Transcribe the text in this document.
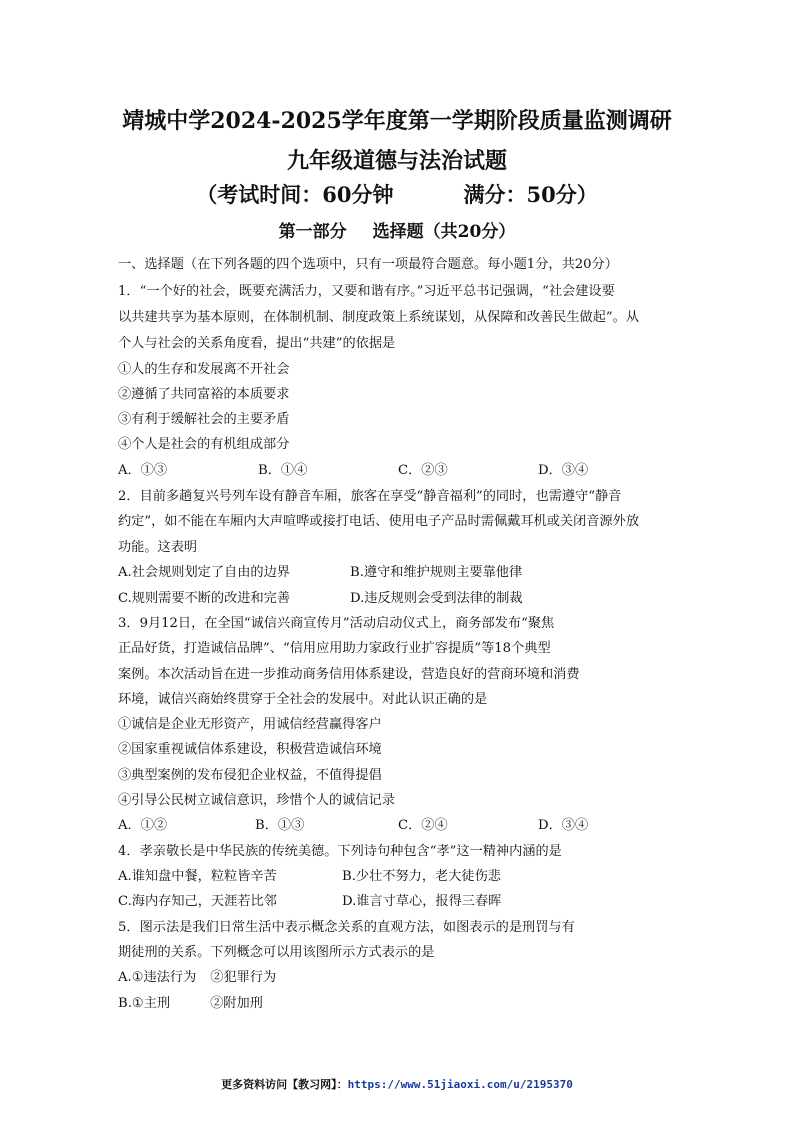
靖城中学2024-2025学年度第一学期阶段质量监测调研
九年级道德与法治试题
（考试时间：60分钟	满分：50分）
第一部分 选择题（共20分）
一、选择题（在下列各题的四个选项中，只有一项最符合题意。每小题1分，共20分）
1．“一个好的社会，既要充满活力，又要和谐有序。”习近平总书记强调，“社会建设要
以共建共享为基本原则，在体制机制、制度政策上系统谋划，从保障和改善民生做起”。从
个人与社会的关系角度看，提出“共建”的依据是
①人的生存和发展离不开社会
②遵循了共同富裕的本质要求
③有利于缓解社会的主要矛盾
④个人是社会的有机组成部分
A．①③	B．①④	C．②③	D．③④
2．目前多趟复兴号列车设有静音车厢，旅客在享受“静音福利”的同时，也需遵守“静音
约定”，如不能在车厢内大声喧哗或接打电话、使用电子产品时需佩戴耳机或关闭音源外放
功能。这表明
A.社会规则划定了自由的边界	B.遵守和维护规则主要靠他律
C.规则需要不断的改进和完善	D.违反规则会受到法律的制裁
3．9月12日，在全国“诚信兴商宣传月”活动启动仪式上，商务部发布“聚焦
正品好货，打造诚信品牌”、“信用应用助力家政行业扩容提质”等18个典型
案例。本次活动旨在进一步推动商务信用体系建设，营造良好的营商环境和消费
环境，诚信兴商始终贯穿于全社会的发展中。对此认识正确的是
①诚信是企业无形资产，用诚信经营赢得客户
②国家重视诚信体系建设，积极营造诚信环境
③典型案例的发布侵犯企业权益，不值得提倡
④引导公民树立诚信意识，珍惜个人的诚信记录
A．①②	B．①③	C．②④	D．③④
4．孝亲敬长是中华民族的传统美德。下列诗句种包含“孝”这一精神内涵的是
A.谁知盘中餐，粒粒皆辛苦	B.少壮不努力，老大徒伤悲
C.海内存知己，天涯若比邻	D.谁言寸草心，报得三春晖
5．图示法是我们日常生活中表示概念关系的直观方法，如图表示的是刑罚与有
期徒刑的关系。下列概念可以用该图所示方式表示的是
A.①违法行为 ②犯罪行为
B.①主刑	②附加刑
更多资料访问【教习网】：https://www.51jiaoxi.com/u/2195370
